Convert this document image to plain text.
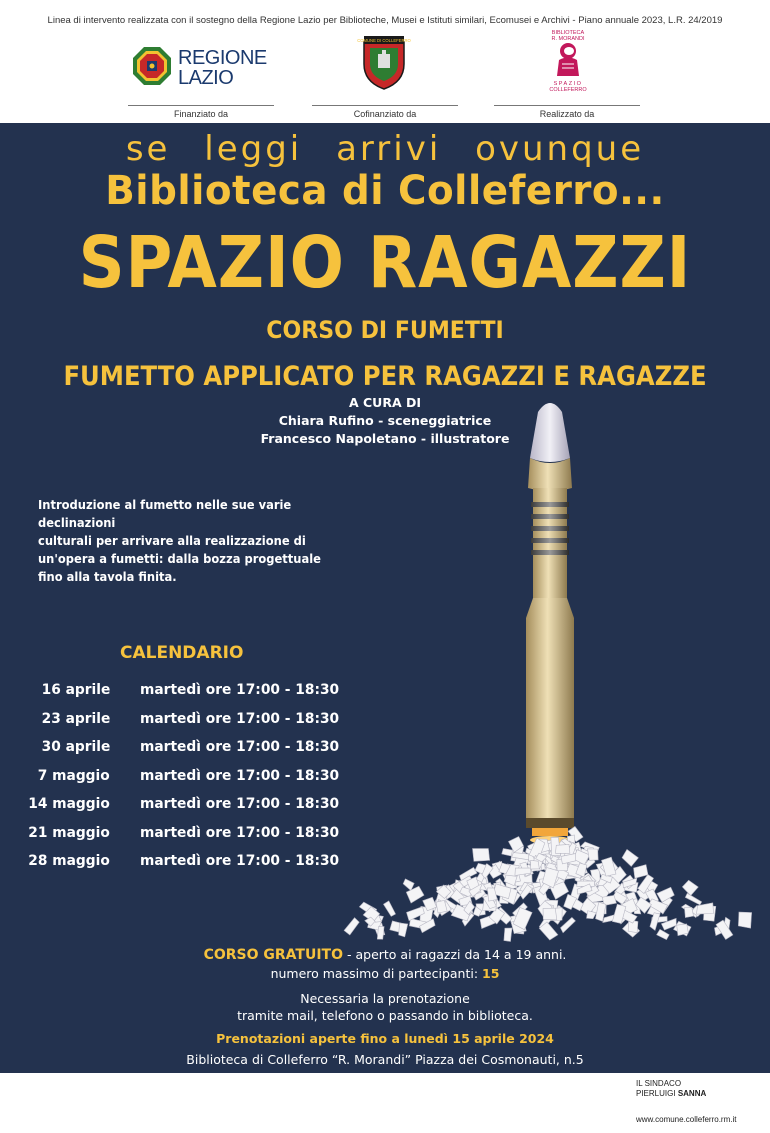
Linea di intervento realizzata con il sostegno della Regione Lazio per Biblioteche, Musei e Istituti similari, Ecomusei e Archivi - Piano annuale 2023, L.R. 24/2019
REGIONE
LAZIO
Finanziato da
COMUNE DI COLLEFERRO
Cofinanziato da
BIBLIOTECA
R. MORANDI
SPAZIO
COLLEFERRO
Realizzato da
se leggi arrivi ovunque
Biblioteca di Colleferro...
SPAZIO RAGAZZI
CORSO DI FUMETTI
FUMETTO APPLICATO PER RAGAZZI E RAGAZZE
A CURA DI
Chiara Rufino - sceneggiatrice
Francesco Napoletano - illustratore
Introduzione al fumetto nelle sue varie
declinazioni
culturali per arrivare alla realizzazione di
un'opera a fumetti: dalla bozza progettuale
fino alla tavola finita.
CALENDARIO
16 aprile martedì ore 17:00 - 18:30
23 aprile martedì ore 17:00 - 18:30
30 aprile martedì ore 17:00 - 18:30
7 maggio martedì ore 17:00 - 18:30
14 maggio martedì ore 17:00 - 18:30
21 maggio martedì ore 17:00 - 18:30
28 maggio martedì ore 17:00 - 18:30
CORSO GRATUITO - aperto ai ragazzi da 14 a 19 anni.
numero massimo di partecipanti: 15
Necessaria la prenotazione
tramite mail, telefono o passando in biblioteca.
Prenotazioni aperte fino a lunedì 15 aprile 2024
Biblioteca di Colleferro “R. Morandi” Piazza dei Cosmonauti, n.5
IL SINDACO
PIERLUIGI SANNA
www.comune.colleferro.rm.it
